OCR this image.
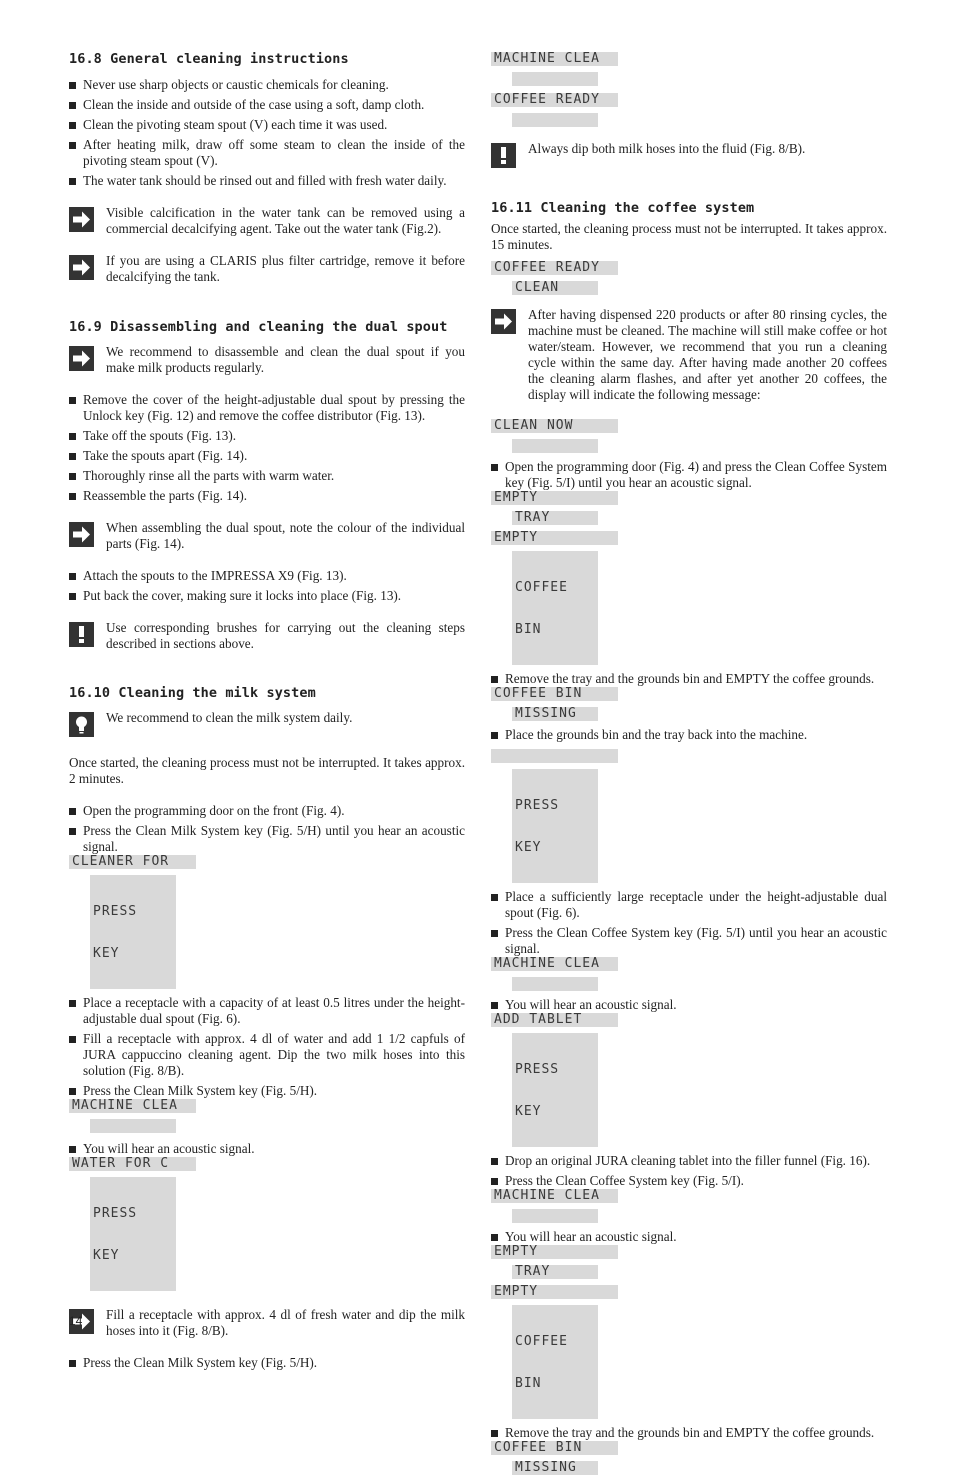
16.8 General cleaning instructions
Never use sharp objects or caustic chemicals for cleaning.
Clean the inside and outside of the case using a soft, damp cloth.
Clean the pivoting steam spout (V) each time it was used.
After heating milk, draw off some steam to clean the inside of the pivoting steam spout (V).
The water tank should be rinsed out and filled with fresh water daily.

Visible calcification in the water tank can be removed using a commercial decalcifying agent. Take out the water tank (Fig.2).

If you are using a CLARIS plus filter cartridge, remove it before decalcifying the tank.

16.9 Disassembling and cleaning the dual spout

We recommend to disassemble and clean the dual spout if you make milk products regularly.

Remove the cover of the height-adjustable dual spout by pressing the Unlock key (Fig. 12) and remove the coffee distributor (Fig. 13).
Take off the spouts (Fig. 13).
Take the spouts apart (Fig. 14).
Thoroughly rinse all the parts with warm water.
Reassemble the parts (Fig. 14).

When assembling the dual spout, note the colour of the individual parts (Fig. 14).

Attach the spouts to the IMPRESSA X9 (Fig. 13).
Put back the cover, making sure it locks into place (Fig. 13).

Use corresponding brushes for carrying out the cleaning steps described in sections above.

16.10 Cleaning the milk system

We recommend to clean the milk system daily.

Once started, the cleaning process must not be interrupted. It takes approx. 2 minutes.

Open the programming door on the front (Fig. 4).
Press the Clean Milk System key (Fig. 5/H) until you hear an acoustic signal.
CLEANER FOR

PRESS

KEY

Place a receptacle with a capacity of at least 0.5 litres under the height-adjustable dual spout (Fig. 6).
Fill a receptacle with approx. 4 dl of water and add 1 1/2 capfuls of JURA cappuccino cleaning agent. Dip the two milk hoses into this solution (Fig. 8/B).
Press the Clean Milk System key (Fig. 5/H).
MACHINE CLEA
You will hear an acoustic signal.
WATER FOR C

PRESS

KEY

Fill a receptacle with approx. 4 dl of fresh water and dip the milk hoses into it (Fig. 8/B).

Press the Clean Milk System key (Fig. 5/H).
MACHINE CLEA
COFFEE READY

Always dip both milk hoses into the fluid (Fig. 8/B).

16.11 Cleaning the coffee system

Once started, the cleaning process must not be interrupted. It takes approx. 15 minutes.

COFFEE READY
CLEAN

After having dispensed 220 products or after 80 rinsing cycles, the machine must be cleaned. The machine will still make coffee or hot water/steam. However, we recommend that you run a cleaning cycle within the same day. After having made another 20 coffees the cleaning alarm flashes, and after yet another 20 coffees, the display will indicate the following message:

CLEAN NOW
Open the programming door (Fig. 4) and press the Clean Coffee System key (Fig. 5/I) until you hear an acoustic signal.
EMPTY
TRAY
EMPTY

COFFEE

BIN

Remove the tray and the grounds bin and EMPTY the coffee grounds.
COFFEE BIN
MISSING
Place the grounds bin and the tray back into the machine.

PRESS

KEY

Place a sufficiently large receptacle under the height-adjustable dual spout (Fig. 6).
Press the Clean Coffee System key (Fig. 5/I) until you hear an acoustic signal.
MACHINE CLEA
You will hear an acoustic signal.
ADD TABLET

PRESS

KEY

Drop an original JURA cleaning tablet into the filler funnel (Fig. 16).
Press the Clean Coffee System key (Fig. 5/I).
MACHINE CLEA
You will hear an acoustic signal.
EMPTY
TRAY
EMPTY

COFFEE

BIN

Remove the tray and the grounds bin and EMPTY the coffee grounds.
COFFEE BIN
MISSING
14
